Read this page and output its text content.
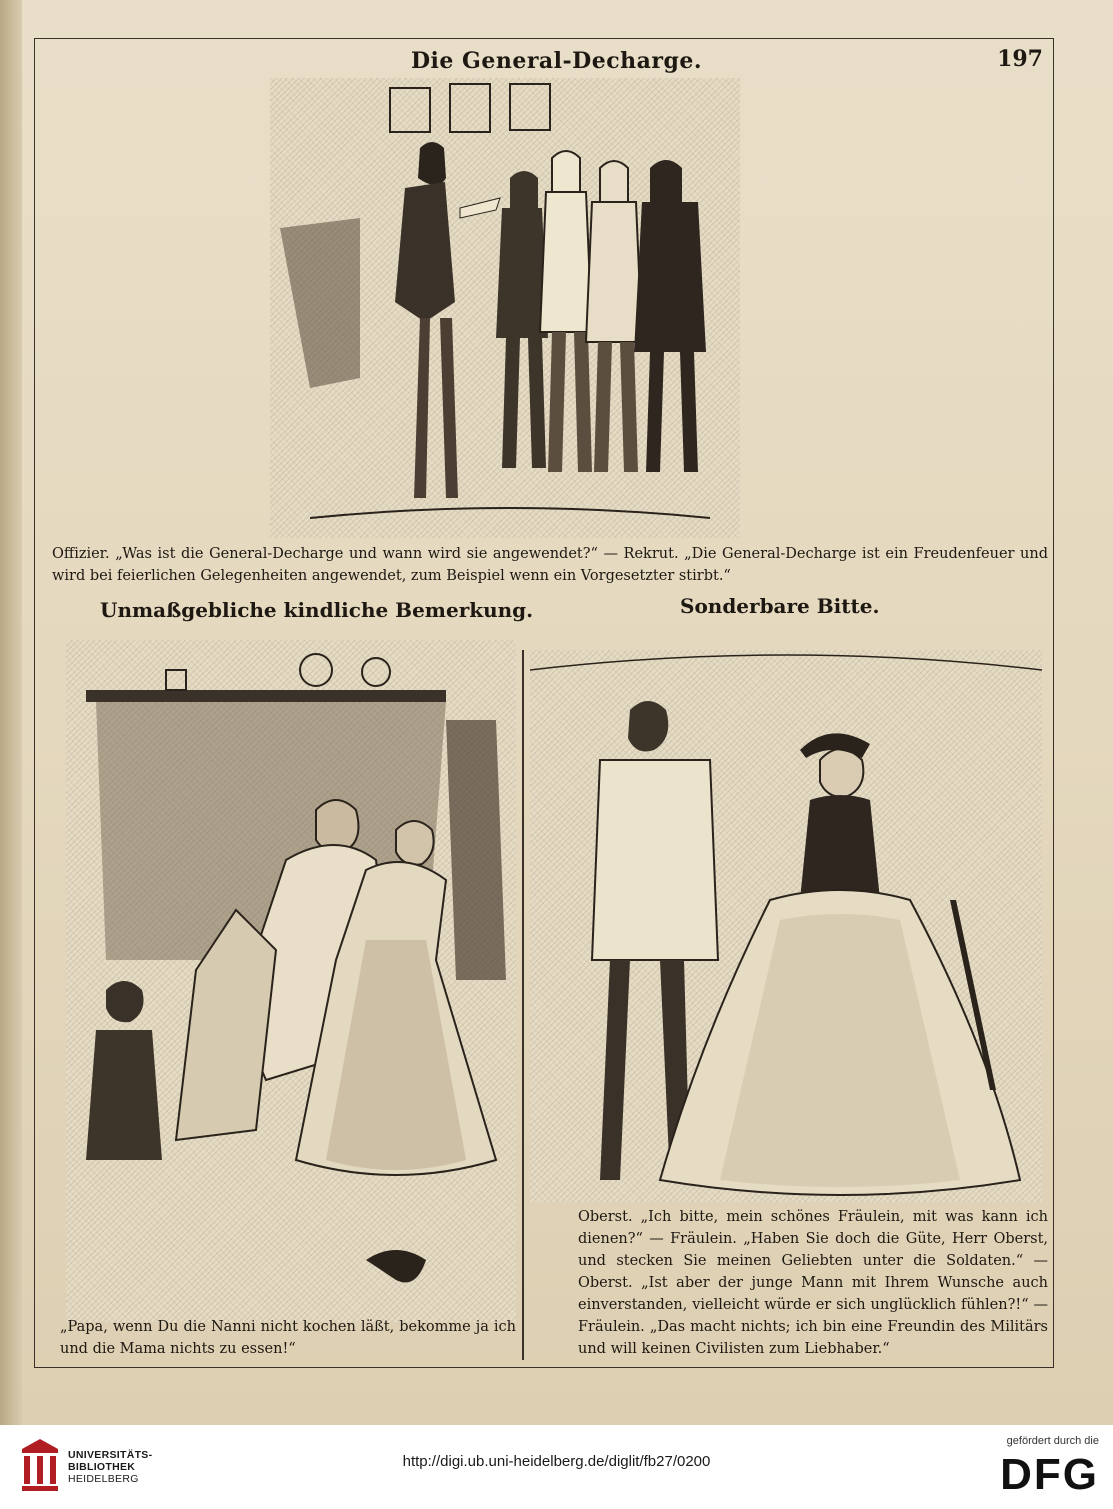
Die General-Decharge.	197
Offizier. „Was ist die General-Decharge und wann wird sie angewendet?“ — Rekrut. „Die General-Decharge ist ein Freudenfeuer und wird bei feierlichen Gelegenheiten angewendet, zum Beispiel wenn ein Vorgesetzter stirbt.“
Unmaßgebliche kindliche Bemerkung.	Sonderbare Bitte.
„Papa, wenn Du die Nanni nicht kochen läßt, bekomme ja ich und die Mama nichts zu essen!“
Oberst. „Ich bitte, mein schönes Fräulein, mit was kann ich dienen?“ — Fräulein. „Haben Sie doch die Güte, Herr Oberst, und stecken Sie meinen Geliebten unter die Soldaten.“ — Oberst. „Ist aber der junge Mann mit Ihrem Wunsche auch einverstanden, vielleicht würde er sich unglücklich fühlen?!“ — Fräulein. „Das macht nichts; ich bin eine Freundin des Militärs und will keinen Civilisten zum Liebhaber.“
UNIVERSITÄTS-
BIBLIOTHEK
HEIDELBERG
http://digi.ub.uni-heidelberg.de/diglit/fb27/0200
gefördert durch die
DFG
